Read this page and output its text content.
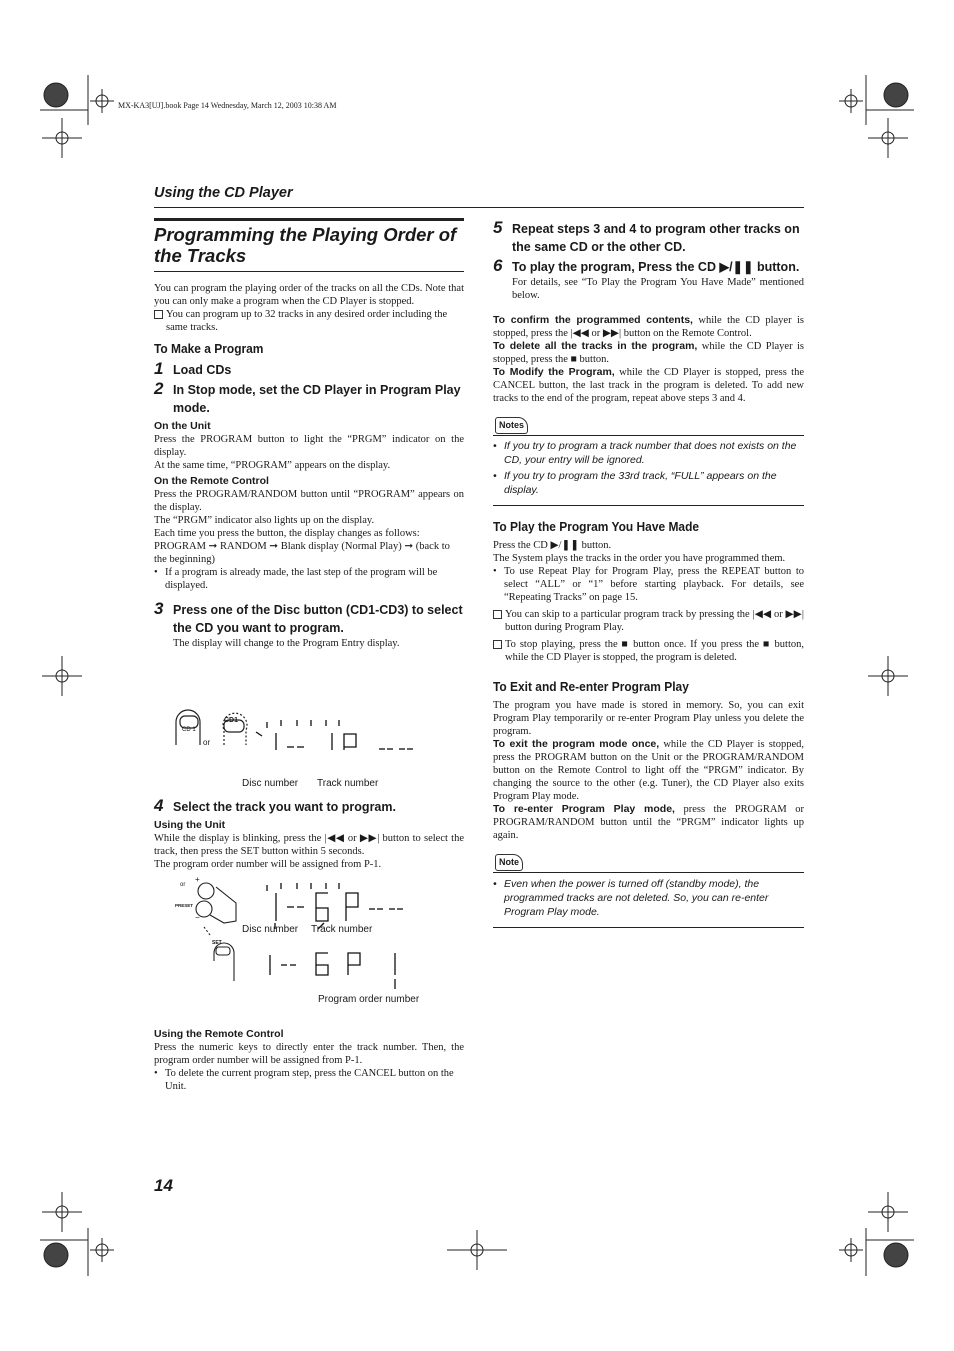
MX-KA3[UJ].book Page 14 Wednesday, March 12, 2003 10:38 AM
Using the CD Player
Programming the Playing Order of the Tracks

You can program the playing order of the tracks on all the CDs. Note that you can only make a program when the CD Player is stopped.

You can program up to 32 tracks in any desired order including the same tracks.
To Make a Program
1 Load CDs
2 In Stop mode, set the CD Player in Program Play mode.
On the Unit

Press the PROGRAM button to light the “PRGM” indicator on the display.

At the same time, “PROGRAM” appears on the display.

On the Remote Control

Press the PROGRAM/RANDOM button until “PROGRAM” appears on the display.

The “PRGM” indicator also lights up on the display.

Each time you press the button, the display changes as follows:

PROGRAM ➞ RANDOM ➞ Blank display (Normal Play) ➞ (back to the beginning)

• If a program is already made, the last step of the program will be displayed.
3 Press one of the Disc button (CD1-CD3) to select the CD you want to program.

The display will change to the Program Entry display.

CD 1
CD1
or
Disc number Track number
4 Select the track you want to program.
Using the Unit

While the display is blinking, press the |◀◀ or ▶▶| button to select the track, then press the SET button within 5 seconds.

The program order number will be assigned from P-1.

or
PRESET
+
−
Disc number Track number
SET
Program order number
Using the Remote Control

Press the numeric keys to directly enter the track number. Then, the program order number will be assigned from P-1.

• To delete the current program step, press the CANCEL button on the Unit.
5 Repeat steps 3 and 4 to program other tracks on the same CD or the other CD.
6 To play the program, Press the CD ▶/❚❚ button.

For details, see “To Play the Program You Have Made” mentioned below.

To confirm the programmed contents, while the CD player is stopped, press the |◀◀ or ▶▶| button on the Remote Control.

To delete all the tracks in the program, while the CD Player is stopped, press the ■ button.

To Modify the Program, while the CD Player is stopped, press the CANCEL button, the last track in the program is deleted. To add new tracks to the end of the program, repeat above steps 3 and 4.

Notes
• If you try to program a track number that does not exists on the CD, your entry will be ignored.
• If you try to program the 33rd track, “FULL” appears on the display.
To Play the Program You Have Made

Press the CD ▶/❚❚ button.

The System plays the tracks in the order you have programmed them.

• To use Repeat Play for Program Play, press the REPEAT button to select “ALL” or “1” before starting playback. For details, see “Repeating Tracks” on page 15.
You can skip to a particular program track by pressing the |◀◀ or ▶▶| button during Program Play.
To stop playing, press the ■ button once. If you press the ■ button, while the CD Player is stopped, the program is deleted.
To Exit and Re-enter Program Play

The program you have made is stored in memory. So, you can exit Program Play temporarily or re-enter Program Play unless you delete the program.

To exit the program mode once, while the CD Player is stopped, press the PROGRAM button on the Unit or the PROGRAM/RANDOM button on the Remote Control to light off the “PRGM” indicator. By changing the source to the other (e.g. Tuner), the CD Player also exits Program Play mode.

To re-enter Program Play mode, press the PROGRAM or PROGRAM/RANDOM button until the “PRGM” indicator lights up again.

Note
• Even when the power is turned off (standby mode), the programmed tracks are not deleted. So, you can re-enter Program Play mode.
14
